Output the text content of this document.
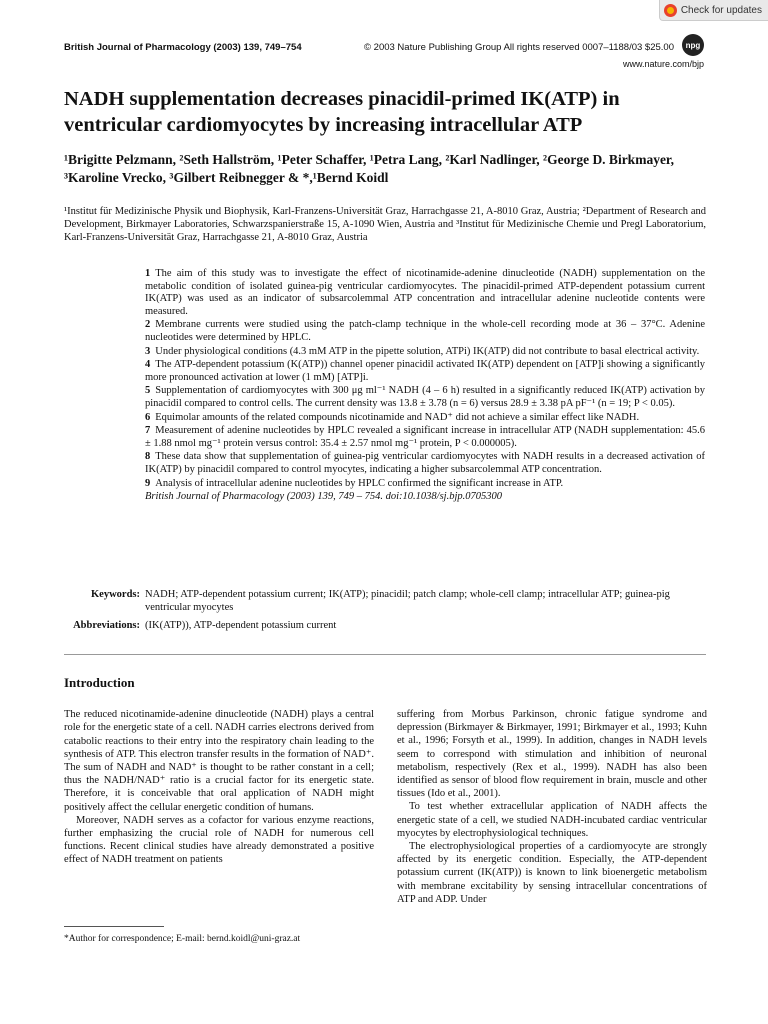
Check for updates
British Journal of Pharmacology (2003) 139, 749–754	© 2003 Nature Publishing Group All rights reserved 0007–1188/03 $25.00	npg
www.nature.com/bjp
NADH supplementation decreases pinacidil-primed IK(ATP) in ventricular cardiomyocytes by increasing intracellular ATP

¹Brigitte Pelzmann, ²Seth Hallström, ¹Peter Schaffer, ¹Petra Lang, ²Karl Nadlinger, ²George D. Birkmayer, ³Karoline Vrecko, ³Gilbert Reibnegger & *,¹Bernd Koidl

¹Institut für Medizinische Physik und Biophysik, Karl-Franzens-Universität Graz, Harrachgasse 21, A-8010 Graz, Austria; ²Department of Research and Development, Birkmayer Laboratories, Schwarzspanierstraße 15, A-1090 Wien, Austria and ³Institut für Medizinische Chemie und Pregl Laboratorium, Karl-Franzens-Universität Graz, Harrachgasse 21, A-8010 Graz, Austria

1 The aim of this study was to investigate the effect of nicotinamide-adenine dinucleotide (NADH) supplementation on the metabolic condition of isolated guinea-pig ventricular cardiomyocytes. The pinacidil-primed ATP-dependent potassium current IK(ATP) was used as an indicator of subsarcolemmal ATP concentration and intracellular adenine nucleotide contents were measured.

2 Membrane currents were studied using the patch-clamp technique in the whole-cell recording mode at 36 – 37°C. Adenine nucleotides were determined by HPLC.

3 Under physiological conditions (4.3 mM ATP in the pipette solution, ATPi) IK(ATP) did not contribute to basal electrical activity.

4 The ATP-dependent potassium (K(ATP)) channel opener pinacidil activated IK(ATP) dependent on [ATP]i showing a significantly more pronounced activation at lower (1 mM) [ATP]i.

5 Supplementation of cardiomyocytes with 300 μg ml⁻¹ NADH (4 – 6 h) resulted in a significantly reduced IK(ATP) activation by pinacidil compared to control cells. The current density was 13.8 ± 3.78 (n = 6) versus 28.9 ± 3.38 pA pF⁻¹ (n = 19; P < 0.05).

6 Equimolar amounts of the related compounds nicotinamide and NAD⁺ did not achieve a similar effect like NADH.

7 Measurement of adenine nucleotides by HPLC revealed a significant increase in intracellular ATP (NADH supplementation: 45.6 ± 1.88 nmol mg⁻¹ protein versus control: 35.4 ± 2.57 nmol mg⁻¹ protein, P < 0.000005).

8 These data show that supplementation of guinea-pig ventricular cardiomyocytes with NADH results in a decreased activation of IK(ATP) by pinacidil compared to control myocytes, indicating a higher subsarcolemmal ATP concentration.

9 Analysis of intracellular adenine nucleotides by HPLC confirmed the significant increase in ATP.

British Journal of Pharmacology (2003) 139, 749 – 754. doi:10.1038/sj.bjp.0705300

Keywords: NADH; ATP-dependent potassium current; IK(ATP); pinacidil; patch clamp; whole-cell clamp; intracellular ATP; guinea-pig ventricular myocytes
Abbreviations: (IK(ATP)), ATP-dependent potassium current
Introduction

The reduced nicotinamide-adenine dinucleotide (NADH) plays a central role for the energetic state of a cell. NADH carries electrons derived from catabolic reactions to their entry into the respiratory chain leading to the synthesis of ATP. This electron transfer results in the formation of NAD⁺. The sum of NADH and NAD⁺ is thought to be rather constant in a cell; thus the NADH/NAD⁺ ratio is a crucial factor for its energetic state. Therefore, it is conceivable that oral application of NADH might positively affect the cellular energetic condition of humans.

Moreover, NADH serves as a cofactor for various enzyme reactions, further emphasizing the crucial role of NADH for numerous cell functions. Recent clinical studies have already demonstrated a positive effect of NADH treatment on patients

suffering from Morbus Parkinson, chronic fatigue syndrome and depression (Birkmayer & Birkmayer, 1991; Birkmayer et al., 1993; Kuhn et al., 1996; Forsyth et al., 1999). In addition, changes in NADH levels seem to correspond with stimulation and inhibition of neuronal metabolism, respectively (Rex et al., 1999). NADH has also been identified as sensor of blood flow requirement in brain, muscle and other tissues (Ido et al., 2001).

To test whether extracellular application of NADH affects the energetic state of a cell, we studied NADH-incubated cardiac ventricular myocytes by electrophysiological techniques.

The electrophysiological properties of a cardiomyocyte are strongly affected by its energetic condition. Especially, the ATP-dependent potassium current (IK(ATP)) is known to link bioenergetic metabolism with membrane excitability by sensing intracellular concentrations of ATP and ADP. Under

*Author for correspondence; E-mail: bernd.koidl@uni-graz.at
